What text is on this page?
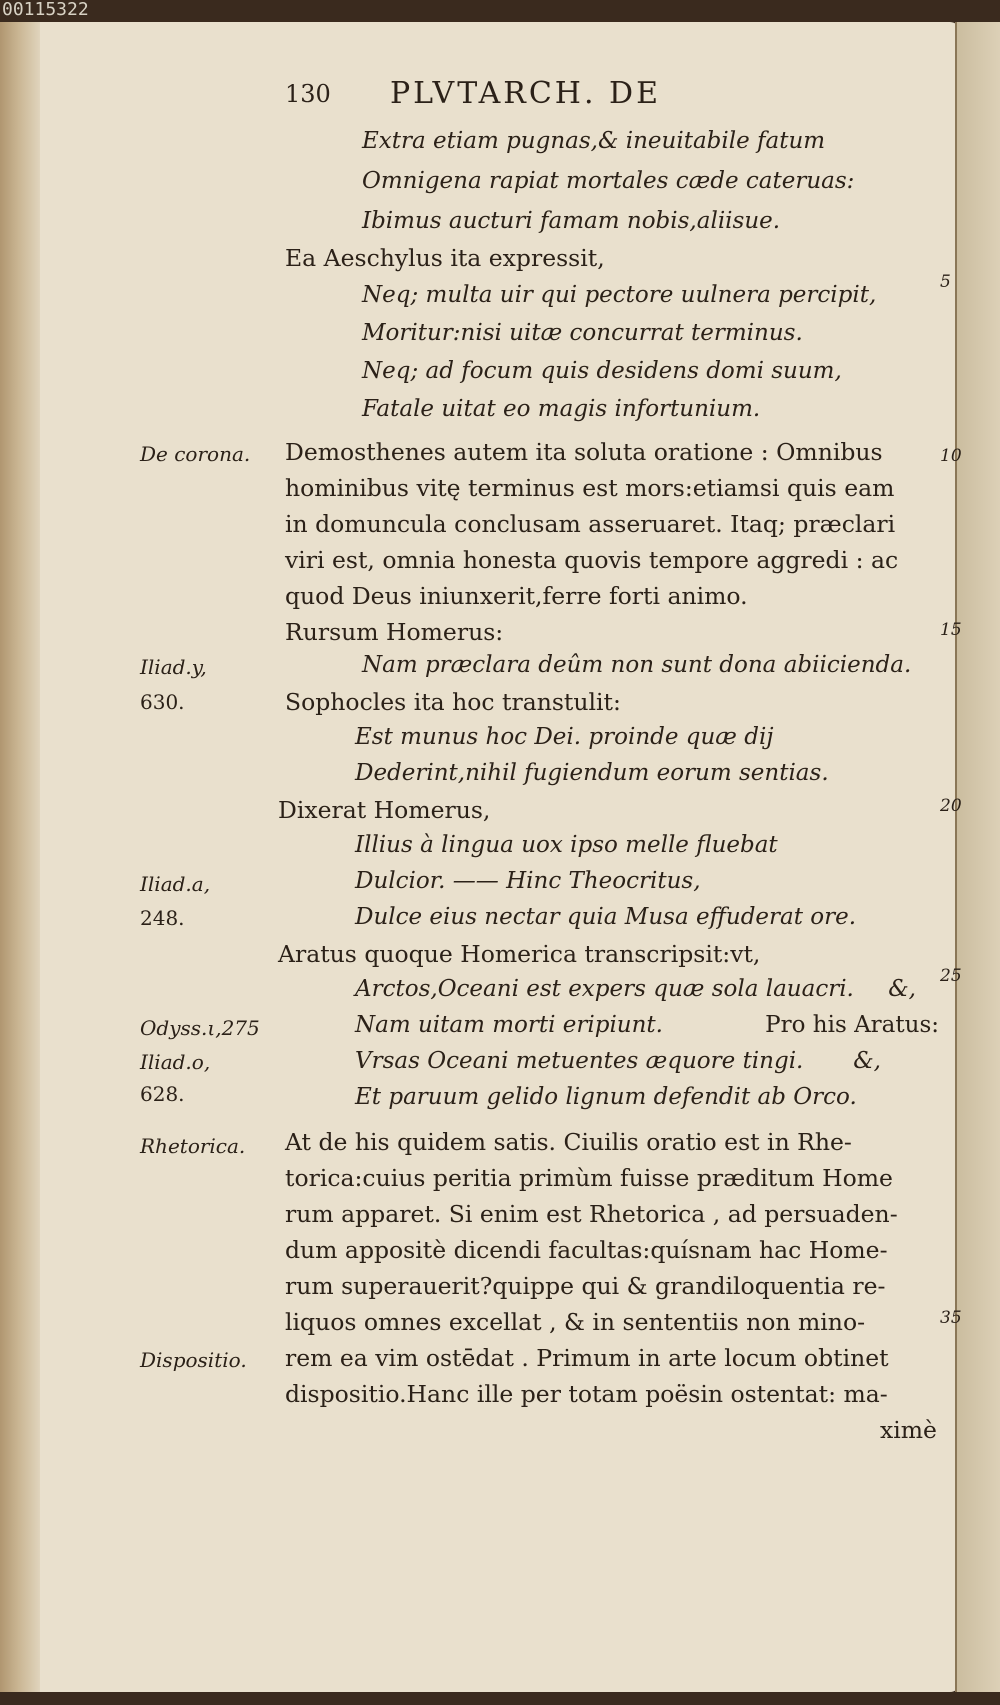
00115322
130 PLVTARCH. DE
Extra etiam pugnas,& ineuitabile fatum
Omnigena rapiat mortales cæde cateruas:
Ibimus aucturi famam nobis,aliisue.
Ea Aeschylus ita expressit,
Neq; multa uir qui pectore uulnera percipit,
Moritur:nisi uitæ concurrat terminus.
Neq; ad focum quis desidens domi suum,
Fatale uitat eo magis infortunium.
Demosthenes autem ita soluta oratione : Omnibus
hominibus vitę terminus est mors:etiamsi quis eam
in domuncula conclusam asseruaret. Itaq; præclari
viri est, omnia honesta quovis tempore aggredi : ac
quod Deus iniunxerit,ferre forti animo.
Rursum Homerus:
Nam præclara deûm non sunt dona abiicienda.
Sophocles ita hoc transtulit:
Est munus hoc Dei. proinde quæ dij
Dederint,nihil fugiendum eorum sentias.
Dixerat Homerus,
Illius à lingua uox ipso melle fluebat
Dulcior. —— Hinc Theocritus,
Dulce eius nectar quia Musa effuderat ore.
Aratus quoque Homerica transcripsit:vt,
Arctos,Oceani est expers quæ sola lauacri. &,
Nam uitam morti eripiunt.	Pro his Aratus:
Vrsas Oceani metuentes æquore tingi. &,
Et paruum gelido lignum defendit ab Orco.
At de his quidem satis. Ciuilis oratio est in Rhe-
torica:cuius peritia primùm fuisse præditum Home
rum apparet. Si enim est Rhetorica , ad persuaden-
dum appositè dicendi facultas:quísnam hac Home-
rum superauerit?quippe qui & grandiloquentia re-
liquos omnes excellat , & in sententiis non mino-
rem ea vim ostēdat . Primum in arte locum obtinet
dispositio.Hanc ille per totam poësin ostentat: ma-
ximè
De corona.
Iliad.y,
630.
Iliad.a,
248.
Odyss.ι,275
Iliad.o,
628.
Rhetorica.
Dispositio.
5
10
15
20
25
35
